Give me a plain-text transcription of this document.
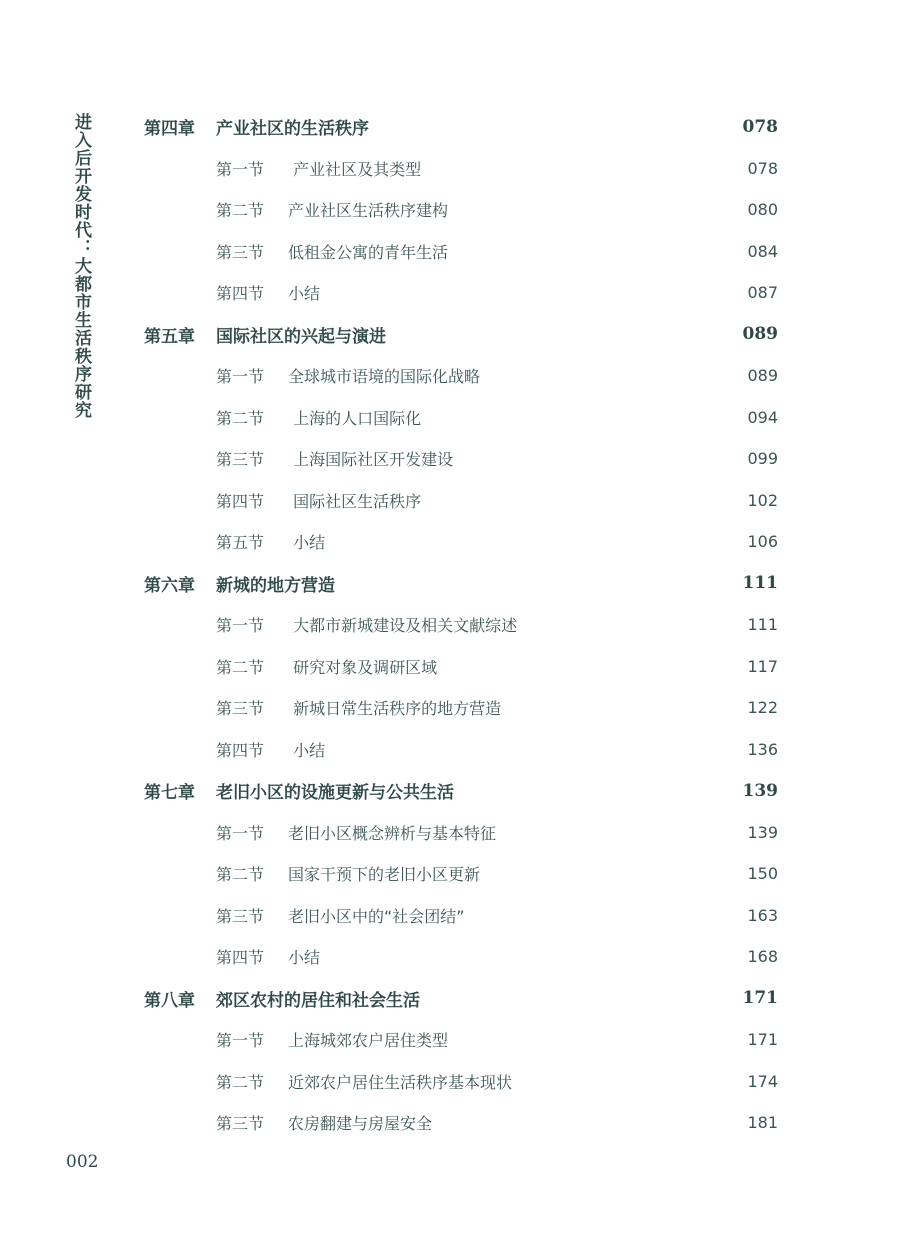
进入后开发时代：大都市生活秩序研究	第四章	产业社区的生活秩序	078
第一节	产业社区及其类型	078
第二节	产业社区生活秩序建构	080
第三节	低租金公寓的青年生活	084
第四节	小结	087
第五章	国际社区的兴起与演进	089
第一节	全球城市语境的国际化战略	089
第二节	上海的人口国际化	094
第三节	上海国际社区开发建设	099
第四节	国际社区生活秩序	102
第五节	小结	106
第六章	新城的地方营造	111
第一节	大都市新城建设及相关文献综述	111
第二节	研究对象及调研区域	117
第三节	新城日常生活秩序的地方营造	122
第四节	小结	136
第七章	老旧小区的设施更新与公共生活	139
第一节	老旧小区概念辨析与基本特征	139
第二节	国家干预下的老旧小区更新	150
第三节	老旧小区中的“社会团结”	163
第四节	小结	168
第八章	郊区农村的居住和社会生活	171
第一节	上海城郊农户居住类型	171
第二节	近郊农户居住生活秩序基本现状	174
第三节	农房翻建与房屋安全	181
002
